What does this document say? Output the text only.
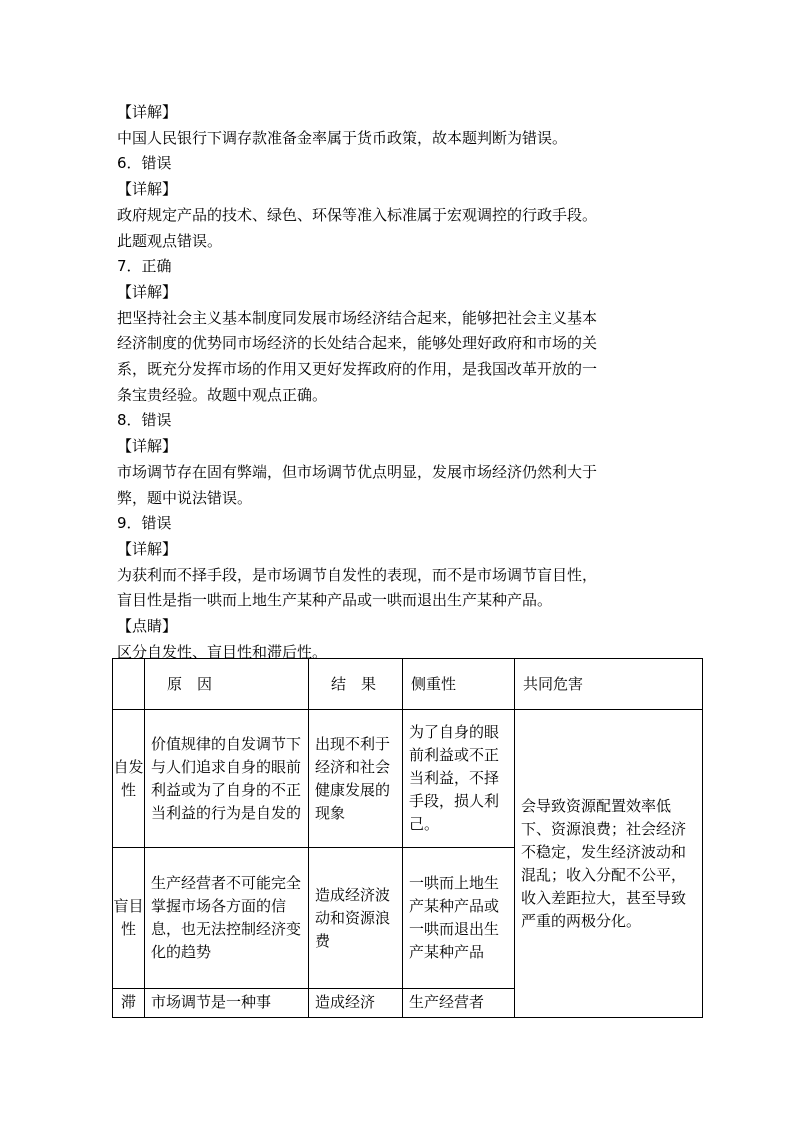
【详解】

中国人民银行下调存款准备金率属于货币政策，故本题判断为错误。

6．错误

【详解】

政府规定产品的技术、绿色、环保等准入标准属于宏观调控的行政手段。

此题观点错误。

7．正确

【详解】

把坚持社会主义基本制度同发展市场经济结合起来，能够把社会主义基本

经济制度的优势同市场经济的长处结合起来，能够处理好政府和市场的关

系，既充分发挥市场的作用又更好发挥政府的作用，是我国改革开放的一

条宝贵经验。故题中观点正确。

8．错误

【详解】

市场调节存在固有弊端，但市场调节优点明显，发展市场经济仍然利大于

弊，题中说法错误。

9．错误

【详解】

为获利而不择手段，是市场调节自发性的表现，而不是市场调节盲目性，

盲目性是指一哄而上地生产某种产品或一哄而退出生产某种产品。

【点睛】

区分自发性、盲目性和滞后性。

	原　因	结　果	侧重性	共同危害
自发性	价值规律的自发调节下与人们追求自身的眼前利益或为了自身的不正当利益的行为是自发的	出现不利于经济和社会健康发展的现象	为了自身的眼前利益或不正当利益，不择手段，损人利己。	会导致资源配置效率低下、资源浪费；社会经济不稳定，发生经济波动和混乱；收入分配不公平，收入差距拉大，甚至导致严重的两极分化。
盲目性	生产经营者不可能完全掌握市场各方面的信息，也无法控制经济变化的趋势	造成经济波动和资源浪费	一哄而上地生产某种产品或一哄而退出生产某种产品	
滞	市场调节是一种事	造成经济	生产经营者	
